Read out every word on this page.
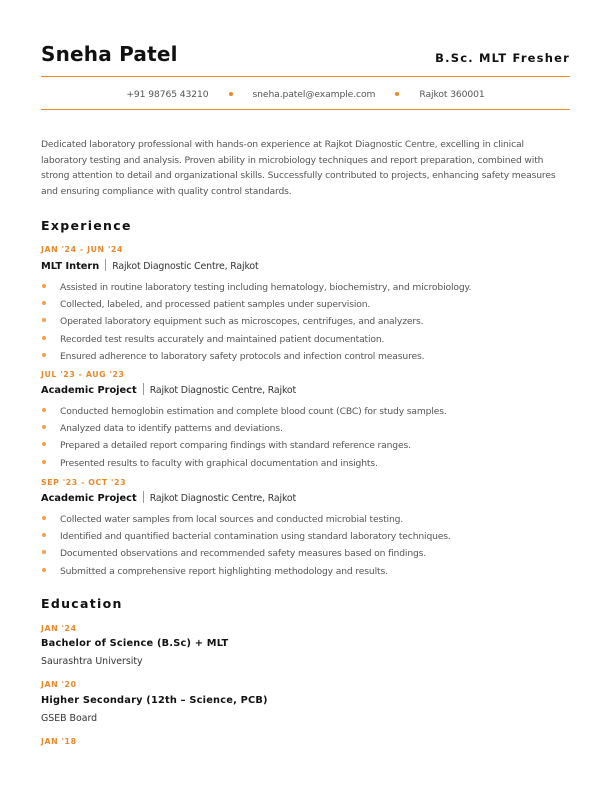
Sneha Patel	B.Sc. MLT Fresher
+91 98765 43210	sneha.patel@example.com	Rajkot 360001
Dedicated laboratory professional with hands-on experience at Rajkot Diagnostic Centre, excelling in clinical laboratory testing and analysis. Proven ability in microbiology techniques and report preparation, combined with strong attention to detail and organizational skills. Successfully contributed to projects, enhancing safety measures and ensuring compliance with quality control standards.
Experience
JAN '24 - JUN '24
MLT Intern Rajkot Diagnostic Centre, Rajkot
Assisted in routine laboratory testing including hematology, biochemistry, and microbiology.
Collected, labeled, and processed patient samples under supervision.
Operated laboratory equipment such as microscopes, centrifuges, and analyzers.
Recorded test results accurately and maintained patient documentation.
Ensured adherence to laboratory safety protocols and infection control measures.
JUL '23 - AUG '23
Academic Project Rajkot Diagnostic Centre, Rajkot
Conducted hemoglobin estimation and complete blood count (CBC) for study samples.
Analyzed data to identify patterns and deviations.
Prepared a detailed report comparing findings with standard reference ranges.
Presented results to faculty with graphical documentation and insights.
SEP '23 - OCT '23
Academic Project Rajkot Diagnostic Centre, Rajkot
Collected water samples from local sources and conducted microbial testing.
Identified and quantified bacterial contamination using standard laboratory techniques.
Documented observations and recommended safety measures based on findings.
Submitted a comprehensive report highlighting methodology and results.
Education
JAN '24
Bachelor of Science (B.Sc) + MLT
Saurashtra University
JAN '20
Higher Secondary (12th – Science, PCB)
GSEB Board
JAN '18
